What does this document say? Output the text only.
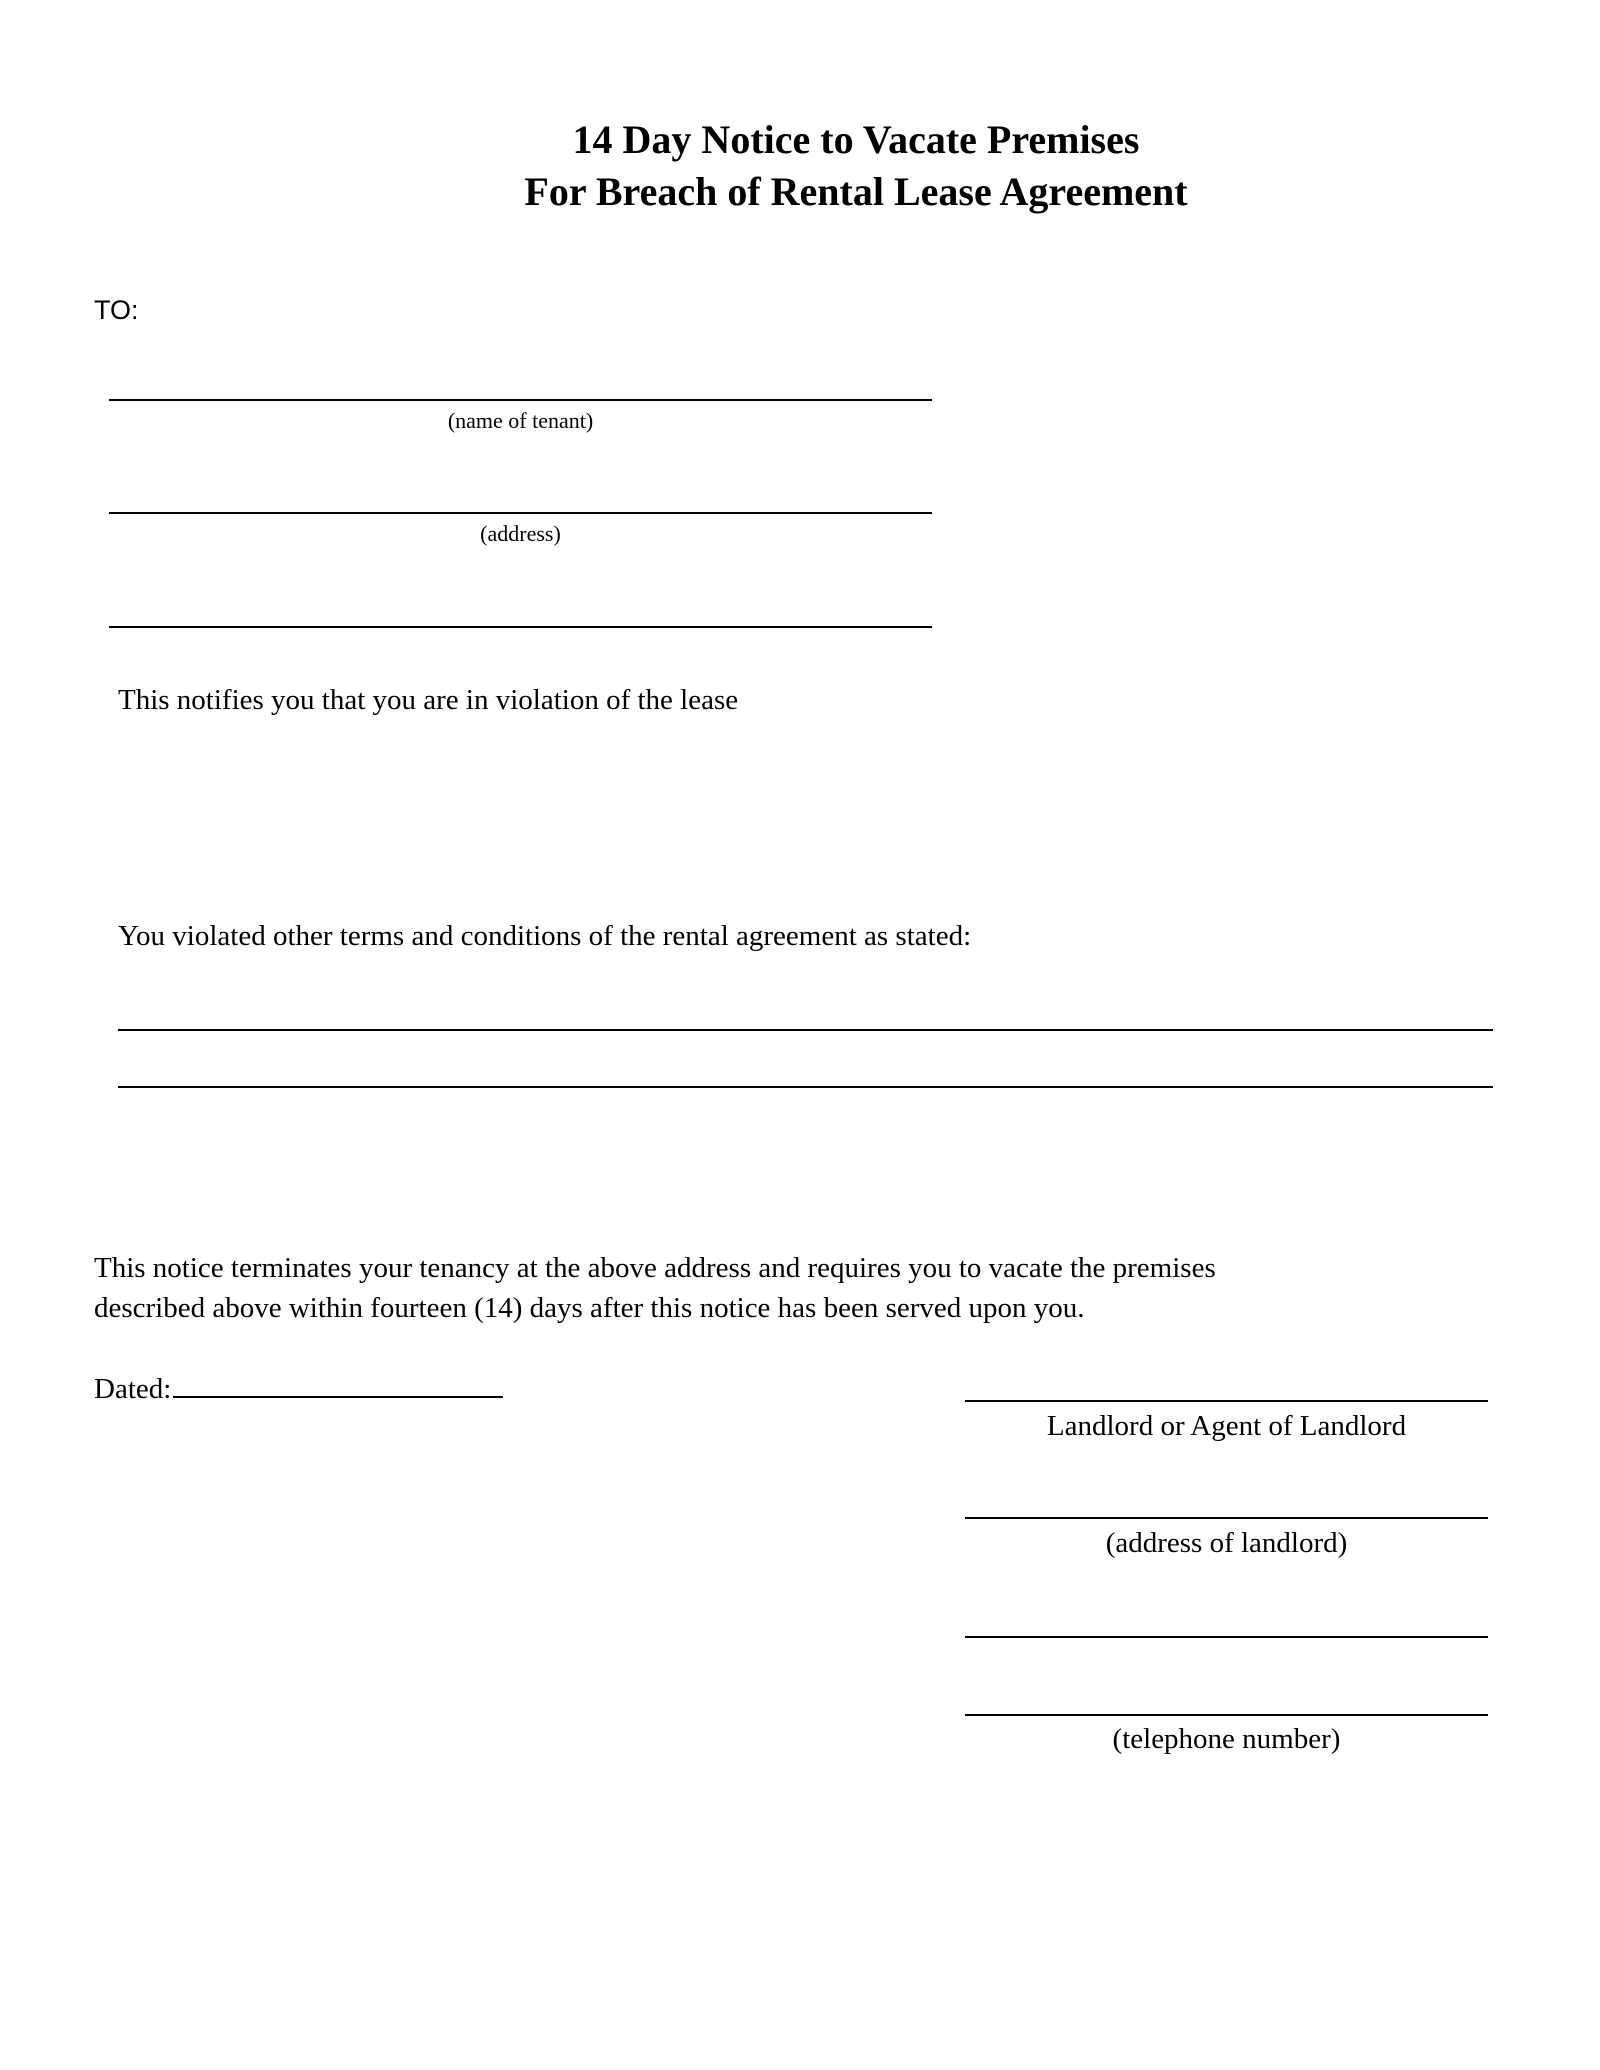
14 Day Notice to Vacate Premises
For Breach of Rental Lease Agreement
TO:
(name of tenant)
(address)
This notifies you that you are in violation of the lease
You violated other terms and conditions of the rental agreement as stated:
This notice terminates your tenancy at the above address and requires you to vacate the premises
described above within fourteen (14) days after this notice has been served upon you.
Dated:
Landlord or Agent of Landlord
(address of landlord)
(telephone number)
